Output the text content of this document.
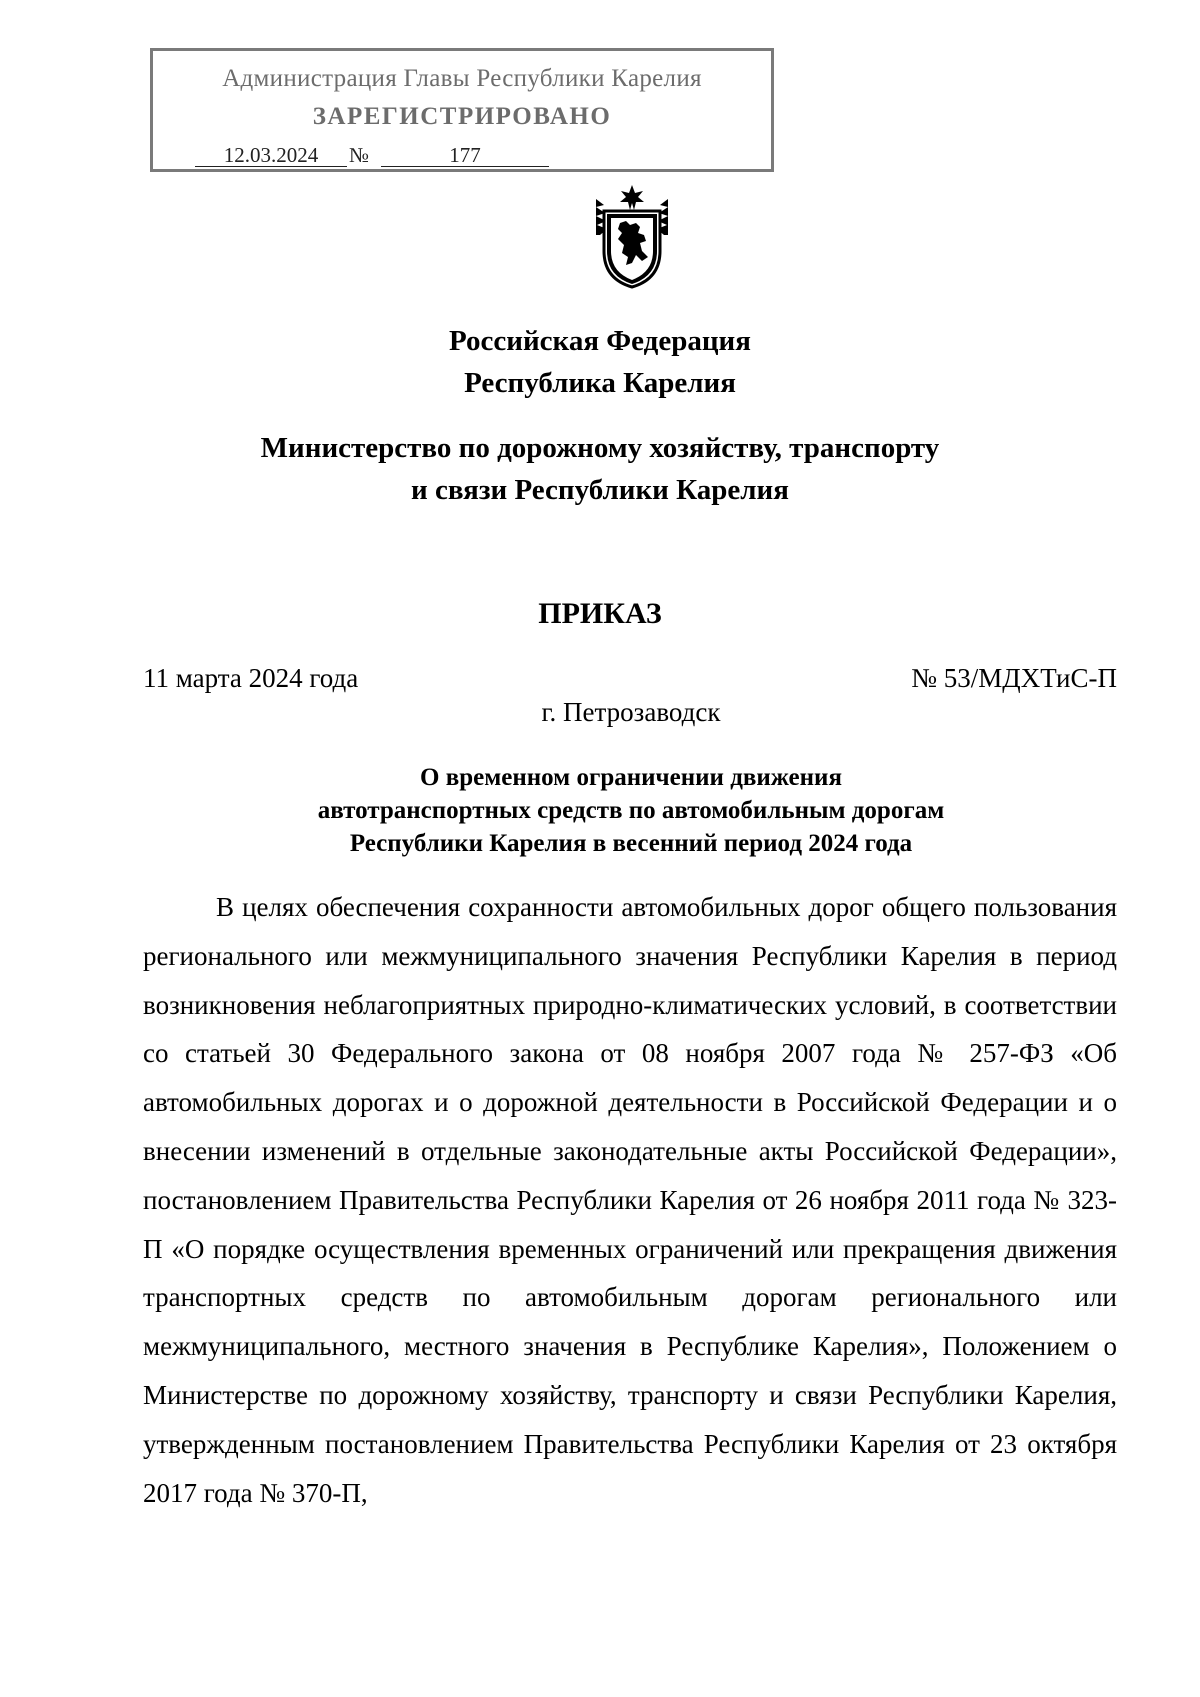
Администрация Главы Республики Карелия
ЗАРЕГИСТРИРОВАНО
12.03.2024	№	177
Российская Федерация
Республика Карелия
Министерство по дорожному хозяйству, транспорту
и связи Республики Карелия
ПРИКАЗ
11 марта 2024 года	№ 53/МДХТиС-П
г. Петрозаводск
О временном ограничении движения
автотранспортных средств по автомобильным дорогам
Республики Карелия в весенний период 2024 года

В целях обеспечения сохранности автомобильных дорог общего пользования регионального или межмуниципального значения Республики Карелия в период возникновения неблагоприятных природно-климатических условий, в соответствии со статьей 30 Федерального закона от 08 ноября 2007 года № 257-ФЗ «Об автомобильных дорогах и о дорожной деятельности в Российской Федерации и о внесении изменений в отдельные законодательные акты Российской Федерации», постановлением Правительства Республики Карелия от 26 ноября 2011 года № 323-П «О порядке осуществления временных ограничений или прекращения движения транспортных средств по автомобильным дорогам регионального или межмуниципального, местного значения в Республике Карелия», Положением о Министерстве по дорожному хозяйству, транспорту и связи Республики Карелия, утвержденным постановлением Правительства Республики Карелия от 23 октября 2017 года № 370-П,
